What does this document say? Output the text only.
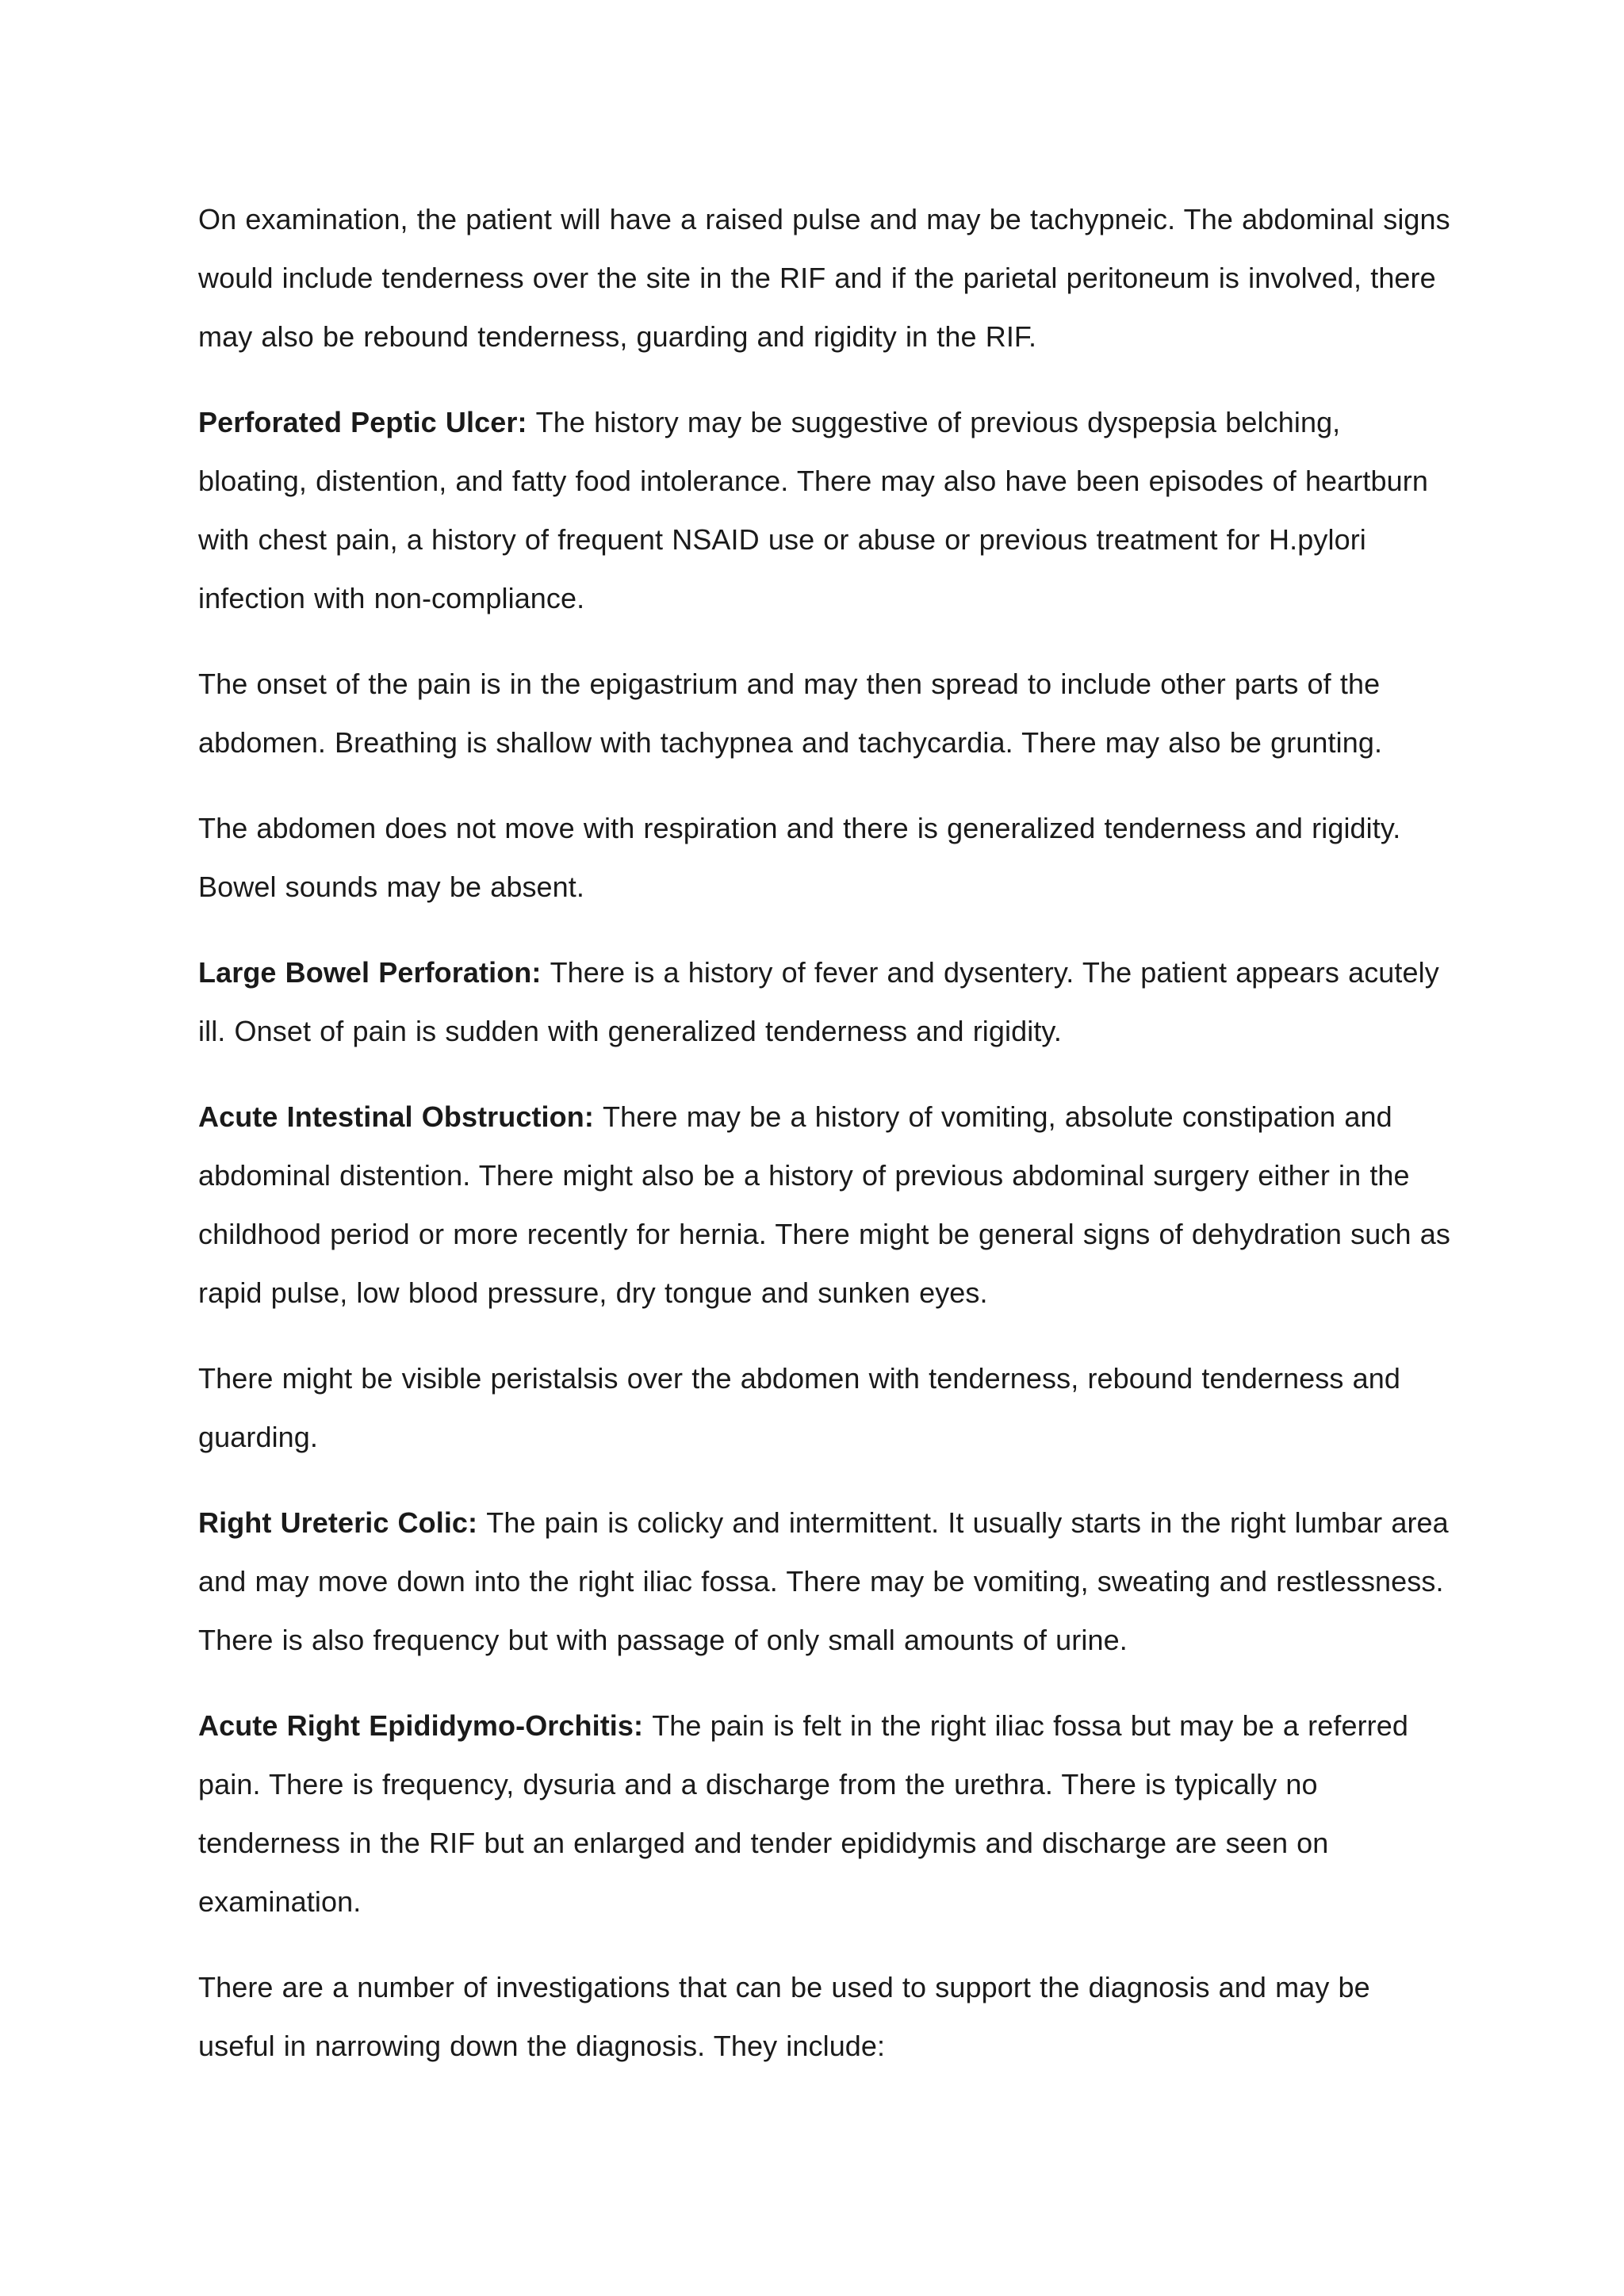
On examination, the patient will have a raised pulse and may be tachypneic. The abdominal signs would include tenderness over the site in the RIF and if the parietal peritoneum is involved, there may also be rebound tenderness, guarding and rigidity in the RIF.

Perforated Peptic Ulcer: The history may be suggestive of previous dyspepsia belching, bloating, distention, and fatty food intolerance. There may also have been episodes of heartburn with chest pain, a history of frequent NSAID use or abuse or previous treatment for H.pylori infection with non-compliance.

The onset of the pain is in the epigastrium and may then spread to include other parts of the abdomen. Breathing is shallow with tachypnea and tachycardia. There may also be grunting.

The abdomen does not move with respiration and there is generalized tenderness and rigidity. Bowel sounds may be absent.

Large Bowel Perforation: There is a history of fever and dysentery. The patient appears acutely ill. Onset of pain is sudden with generalized tenderness and rigidity.

Acute Intestinal Obstruction: There may be a history of vomiting, absolute constipation and abdominal distention. There might also be a history of previous abdominal surgery either in the childhood period or more recently for hernia. There might be general signs of dehydration such as rapid pulse, low blood pressure, dry tongue and sunken eyes.

There might be visible peristalsis over the abdomen with tenderness, rebound tenderness and guarding.

Right Ureteric Colic: The pain is colicky and intermittent. It usually starts in the right lumbar area and may move down into the right iliac fossa. There may be vomiting, sweating and restlessness. There is also frequency but with passage of only small amounts of urine.

Acute Right Epididymo-Orchitis: The pain is felt in the right iliac fossa but may be a referred pain. There is frequency, dysuria and a discharge from the urethra. There is typically no tenderness in the RIF but an enlarged and tender epididymis and discharge are seen on examination.

There are a number of investigations that can be used to support the diagnosis and may be useful in narrowing down the diagnosis. They include:
